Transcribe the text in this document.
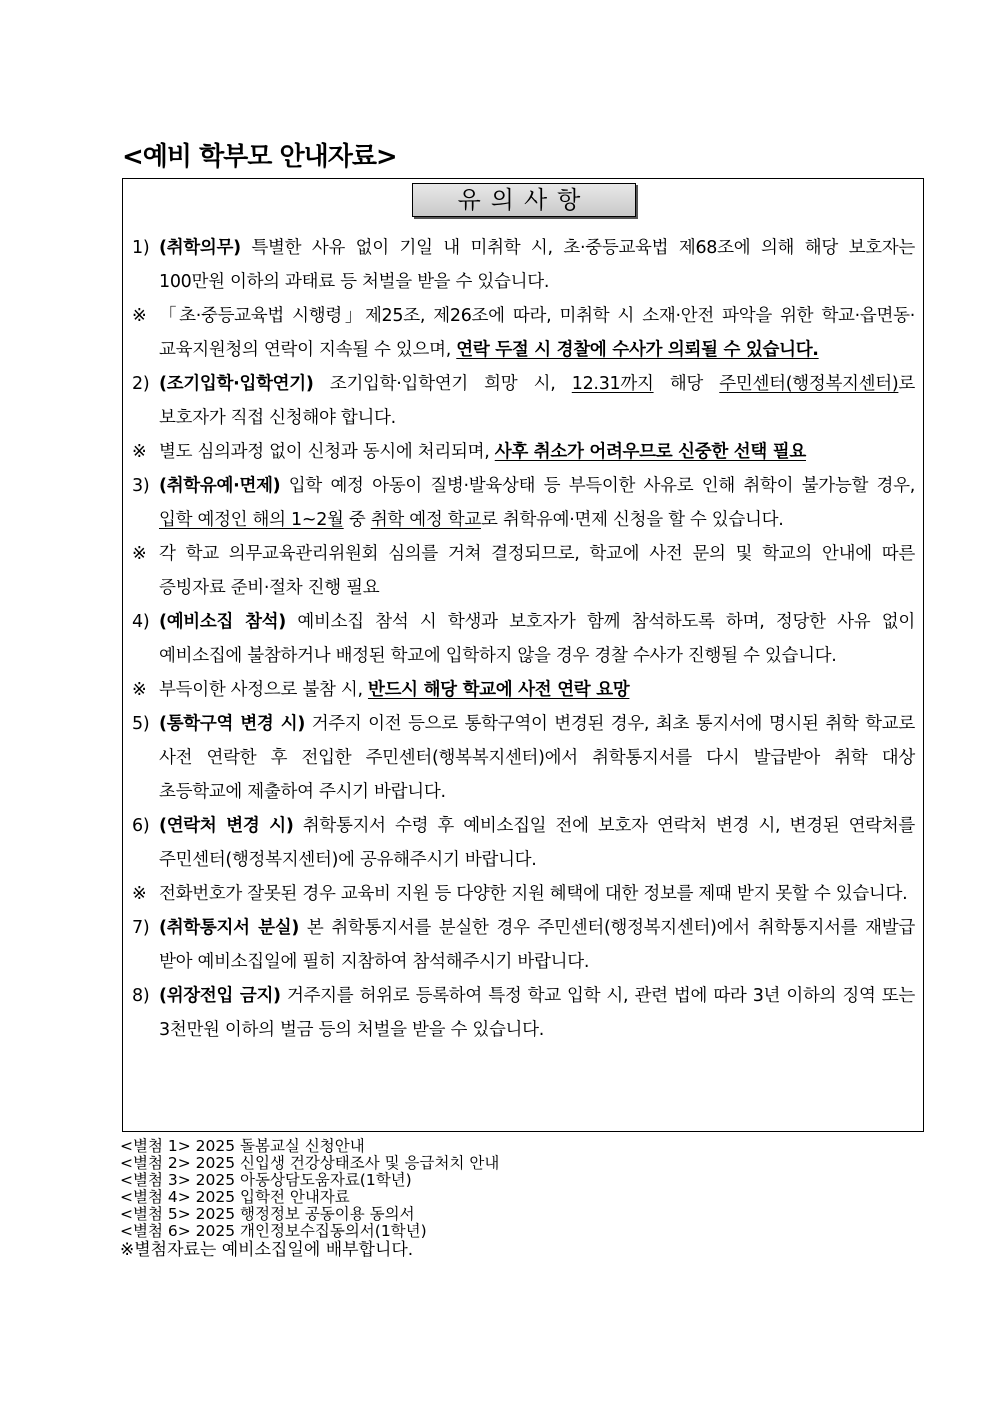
<예비 학부모 안내자료>
유의사항
1) (취학의무) 특별한 사유 없이 기일 내 미취학 시, 초·중등교육법 제68조에 의해 해당 보호자는 100만원 이하의 과태료 등 처벌을 받을 수 있습니다.
※ 「초·중등교육법 시행령」제25조, 제26조에 따라, 미취학 시 소재·안전 파악을 위한 학교·읍면동·교육지원청의 연락이 지속될 수 있으며, 연락 두절 시 경찰에 수사가 의뢰될 수 있습니다.
2) (조기입학·입학연기) 조기입학·입학연기 희망 시, 12.31까지 해당 주민센터(행정복지센터)로 보호자가 직접 신청해야 합니다.
※ 별도 심의과정 없이 신청과 동시에 처리되며, 사후 취소가 어려우므로 신중한 선택 필요
3) (취학유예·면제) 입학 예정 아동이 질병·발육상태 등 부득이한 사유로 인해 취학이 불가능할 경우, 입학 예정인 해의 1~2월 중 취학 예정 학교로 취학유예·면제 신청을 할 수 있습니다.
※ 각 학교 의무교육관리위원회 심의를 거쳐 결정되므로, 학교에 사전 문의 및 학교의 안내에 따른 증빙자료 준비·절차 진행 필요
4) (예비소집 참석) 예비소집 참석 시 학생과 보호자가 함께 참석하도록 하며, 정당한 사유 없이 예비소집에 불참하거나 배정된 학교에 입학하지 않을 경우 경찰 수사가 진행될 수 있습니다.
※ 부득이한 사정으로 불참 시, 반드시 해당 학교에 사전 연락 요망
5) (통학구역 변경 시) 거주지 이전 등으로 통학구역이 변경된 경우, 최초 통지서에 명시된 취학 학교로 사전 연락한 후 전입한 주민센터(행복복지센터)에서 취학통지서를 다시 발급받아 취학 대상 초등학교에 제출하여 주시기 바랍니다.
6) (연락처 변경 시) 취학통지서 수령 후 예비소집일 전에 보호자 연락처 변경 시, 변경된 연락처를 주민센터(행정복지센터)에 공유해주시기 바랍니다.
※ 전화번호가 잘못된 경우 교육비 지원 등 다양한 지원 혜택에 대한 정보를 제때 받지 못할 수 있습니다.
7) (취학통지서 분실) 본 취학통지서를 분실한 경우 주민센터(행정복지센터)에서 취학통지서를 재발급 받아 예비소집일에 필히 지참하여 참석해주시기 바랍니다.
8) (위장전입 금지) 거주지를 허위로 등록하여 특정 학교 입학 시, 관련 법에 따라 3년 이하의 징역 또는 3천만원 이하의 벌금 등의 처벌을 받을 수 있습니다.
<별첨 1> 2025 돌봄교실 신청안내
<별첨 2> 2025 신입생 건강상태조사 및 응급처치 안내
<별첨 3> 2025 아동상담도움자료(1학년)
<별첨 4> 2025 입학전 안내자료
<별첨 5> 2025 행정정보 공동이용 동의서
<별첨 6> 2025 개인정보수집동의서(1학년)
※별첨자료는 예비소집일에 배부합니다.
